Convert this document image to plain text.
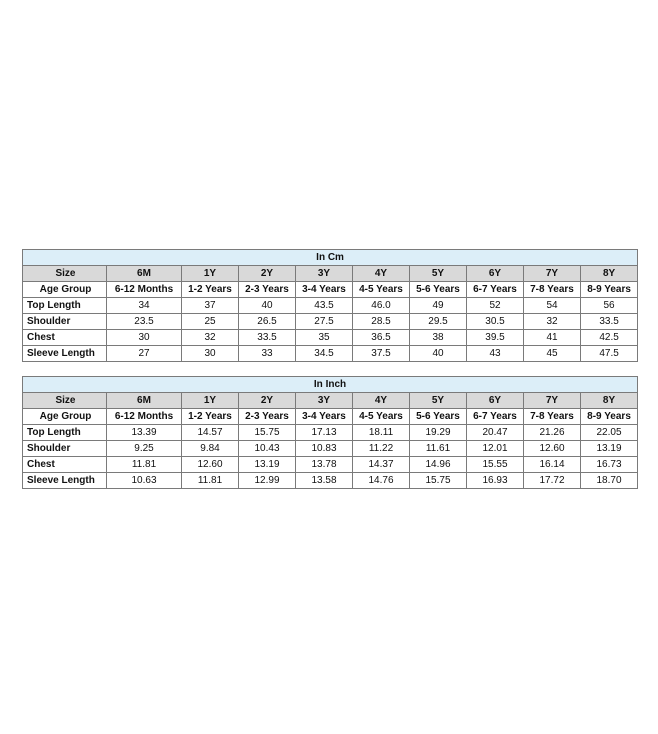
In Cm									
Size	6M	1Y	2Y	3Y	4Y	5Y	6Y	7Y	8Y
Age Group	6-12 Months	1-2 Years	2-3 Years	3-4 Years	4-5 Years	5-6 Years	6-7 Years	7-8 Years	8-9 Years
Top Length	34	37	40	43.5	46.0	49	52	54	56
Shoulder	23.5	25	26.5	27.5	28.5	29.5	30.5	32	33.5
Chest	30	32	33.5	35	36.5	38	39.5	41	42.5
Sleeve Length	27	30	33	34.5	37.5	40	43	45	47.5
In Inch									
Size	6M	1Y	2Y	3Y	4Y	5Y	6Y	7Y	8Y
Age Group	6-12 Months	1-2 Years	2-3 Years	3-4 Years	4-5 Years	5-6 Years	6-7 Years	7-8 Years	8-9 Years
Top Length	13.39	14.57	15.75	17.13	18.11	19.29	20.47	21.26	22.05
Shoulder	9.25	9.84	10.43	10.83	11.22	11.61	12.01	12.60	13.19
Chest	11.81	12.60	13.19	13.78	14.37	14.96	15.55	16.14	16.73
Sleeve Length	10.63	11.81	12.99	13.58	14.76	15.75	16.93	17.72	18.70
